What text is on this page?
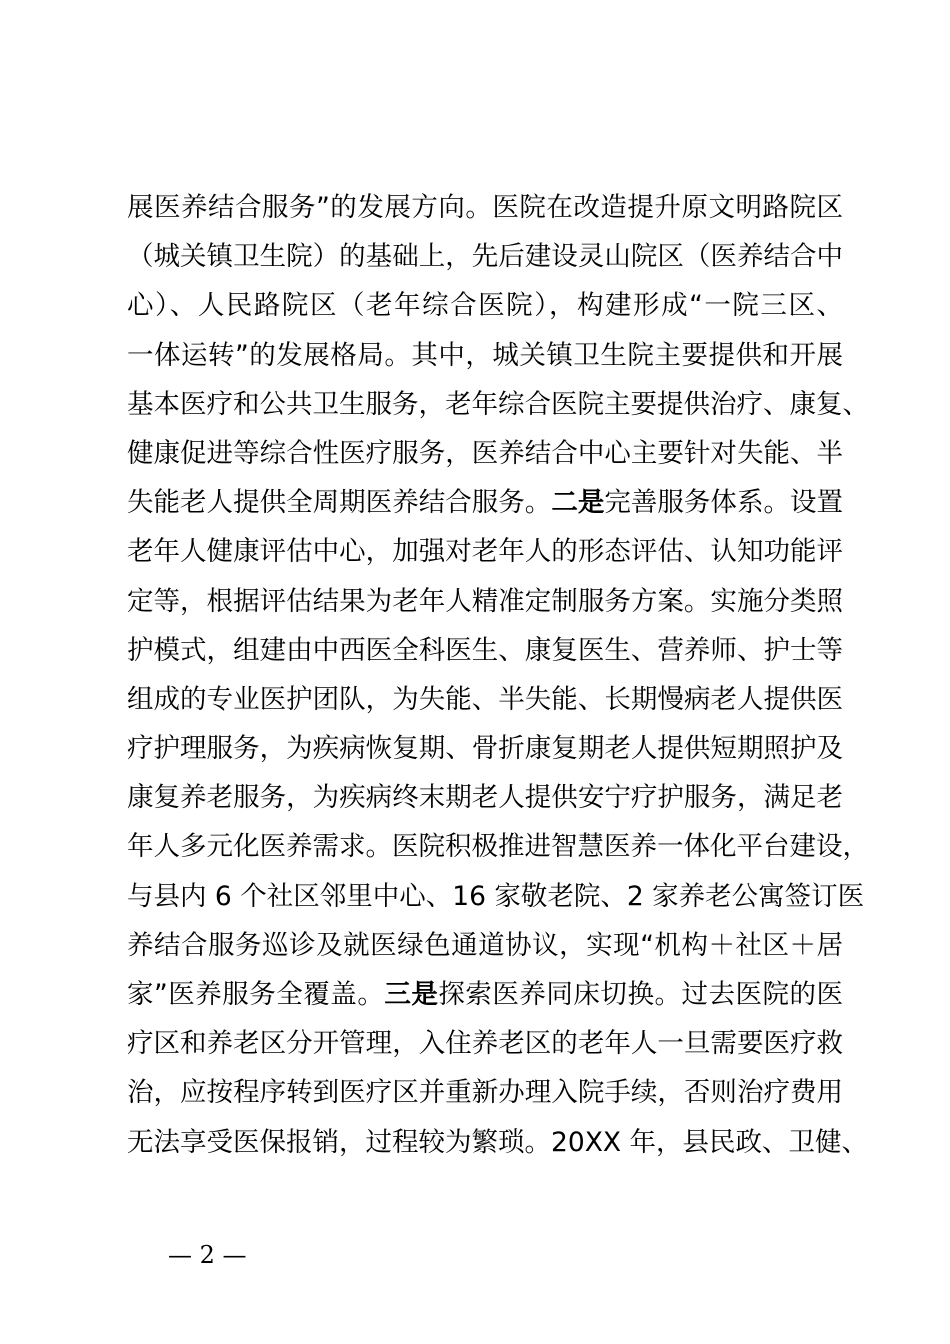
展医养结合服务”的发展方向。医院在改造提升原文明路院区
（城关镇卫生院）的基础上，先后建设灵山院区（医养结合中
心）、人民路院区（老年综合医院），构建形成“一院三区、
一体运转”的发展格局。其中，城关镇卫生院主要提供和开展
基本医疗和公共卫生服务，老年综合医院主要提供治疗、康复、
健康促进等综合性医疗服务，医养结合中心主要针对失能、半
失能老人提供全周期医养结合服务。二是完善服务体系。设置
老年人健康评估中心，加强对老年人的形态评估、认知功能评
定等，根据评估结果为老年人精准定制服务方案。实施分类照
护模式，组建由中西医全科医生、康复医生、营养师、护士等
组成的专业医护团队，为失能、半失能、长期慢病老人提供医
疗护理服务，为疾病恢复期、骨折康复期老人提供短期照护及
康复养老服务，为疾病终末期老人提供安宁疗护服务，满足老
年人多元化医养需求。医院积极推进智慧医养一体化平台建设，
与县内 6 个社区邻里中心、16 家敬老院、2 家养老公寓签订医
养结合服务巡诊及就医绿色通道协议，实现“机构＋社区＋居
家”医养服务全覆盖。三是探索医养同床切换。过去医院的医
疗区和养老区分开管理，入住养老区的老年人一旦需要医疗救
治，应按程序转到医疗区并重新办理入院手续，否则治疗费用
无法享受医保报销，过程较为繁琐。20XX 年，县民政、卫健、
— 2 —
